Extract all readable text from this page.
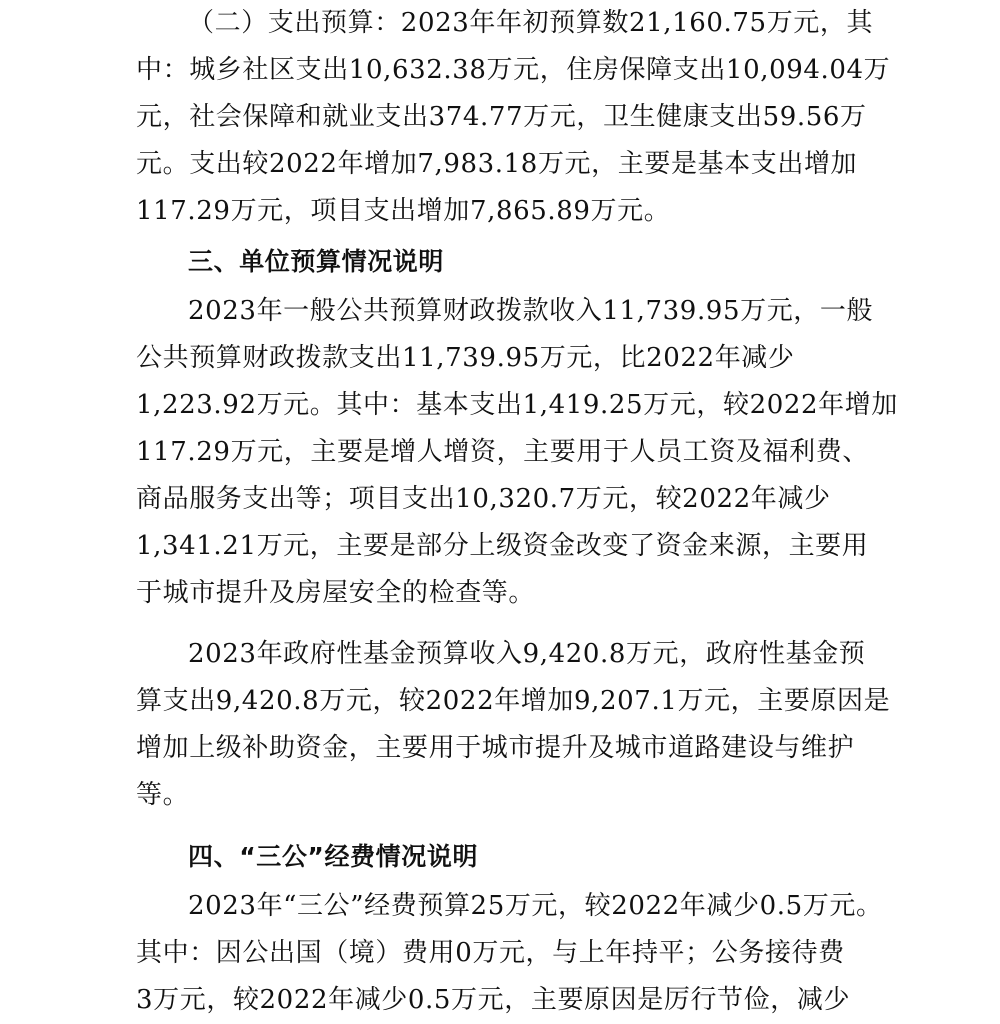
（二）支出预算：2023年年初预算数21,160.75万元，其
中：城乡社区支出10,632.38万元，住房保障支出10,094.04万
元，社会保障和就业支出374.77万元，卫生健康支出59.56万
元。支出较2022年增加7,983.18万元，主要是基本支出增加
117.29万元，项目支出增加7,865.89万元。

三、单位预算情况说明

2023年一般公共预算财政拨款收入11,739.95万元，一般
公共预算财政拨款支出11,739.95万元，比2022年减少
1,223.92万元。其中：基本支出1,419.25万元，较2022年增加
117.29万元，主要是增人增资，主要用于人员工资及福利费、
商品服务支出等；项目支出10,320.7万元，较2022年减少
1,341.21万元，主要是部分上级资金改变了资金来源，主要用
于城市提升及房屋安全的检查等。

2023年政府性基金预算收入9,420.8万元，政府性基金预
算支出9,420.8万元，较2022年增加9,207.1万元，主要原因是
增加上级补助资金，主要用于城市提升及城市道路建设与维护
等。

四、“三公”经费情况说明

2023年“三公”经费预算25万元，较2022年减少0.5万元。
其中：因公出国（境）费用0万元，与上年持平；公务接待费
3万元，较2022年减少0.5万元，主要原因是厉行节俭，减少
